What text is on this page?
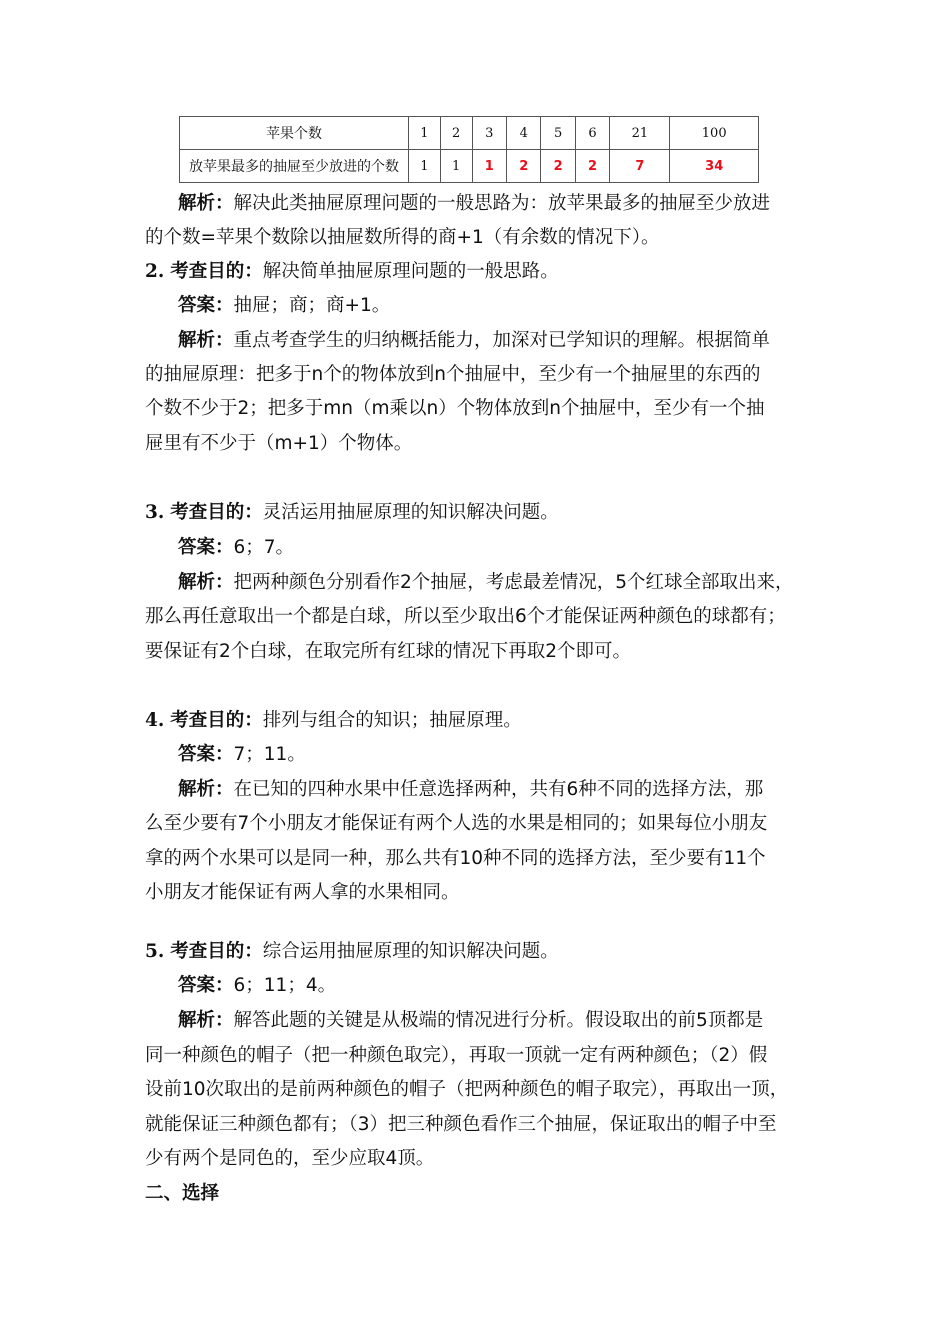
苹果个数	1	2	3	4	5	6	21	100
放苹果最多的抽屉至少放进的个数	1	1	1	2	2	2	7	34
解析：解决此类抽屉原理问题的一般思路为：放苹果最多的抽屉至少放进
的个数=苹果个数除以抽屉数所得的商+1（有余数的情况下）。
2. 考查目的：解决简单抽屉原理问题的一般思路。
答案：抽屉；商；商+1。
解析：重点考查学生的归纳概括能力，加深对已学知识的理解。根据简单
的抽屉原理：把多于n个的物体放到n个抽屉中，至少有一个抽屉里的东西的
个数不少于2；把多于mn（m乘以n）个物体放到n个抽屉中，至少有一个抽
屉里有不少于（m+1）个物体。
3. 考查目的：灵活运用抽屉原理的知识解决问题。
答案：6；7。
解析：把两种颜色分别看作2个抽屉，考虑最差情况，5个红球全部取出来，
那么再任意取出一个都是白球，所以至少取出6个才能保证两种颜色的球都有；
要保证有2个白球，在取完所有红球的情况下再取2个即可。
4. 考查目的：排列与组合的知识；抽屉原理。
答案：7；11。
解析：在已知的四种水果中任意选择两种，共有6种不同的选择方法，那
么至少要有7个小朋友才能保证有两个人选的水果是相同的；如果每位小朋友
拿的两个水果可以是同一种，那么共有10种不同的选择方法，至少要有11个
小朋友才能保证有两人拿的水果相同。
5. 考查目的：综合运用抽屉原理的知识解决问题。
答案：6；11；4。
解析：解答此题的关键是从极端的情况进行分析。假设取出的前5顶都是
同一种颜色的帽子（把一种颜色取完），再取一顶就一定有两种颜色；（2）假
设前10次取出的是前两种颜色的帽子（把两种颜色的帽子取完），再取出一顶，
就能保证三种颜色都有；（3）把三种颜色看作三个抽屉，保证取出的帽子中至
少有两个是同色的，至少应取4顶。
二、选择
